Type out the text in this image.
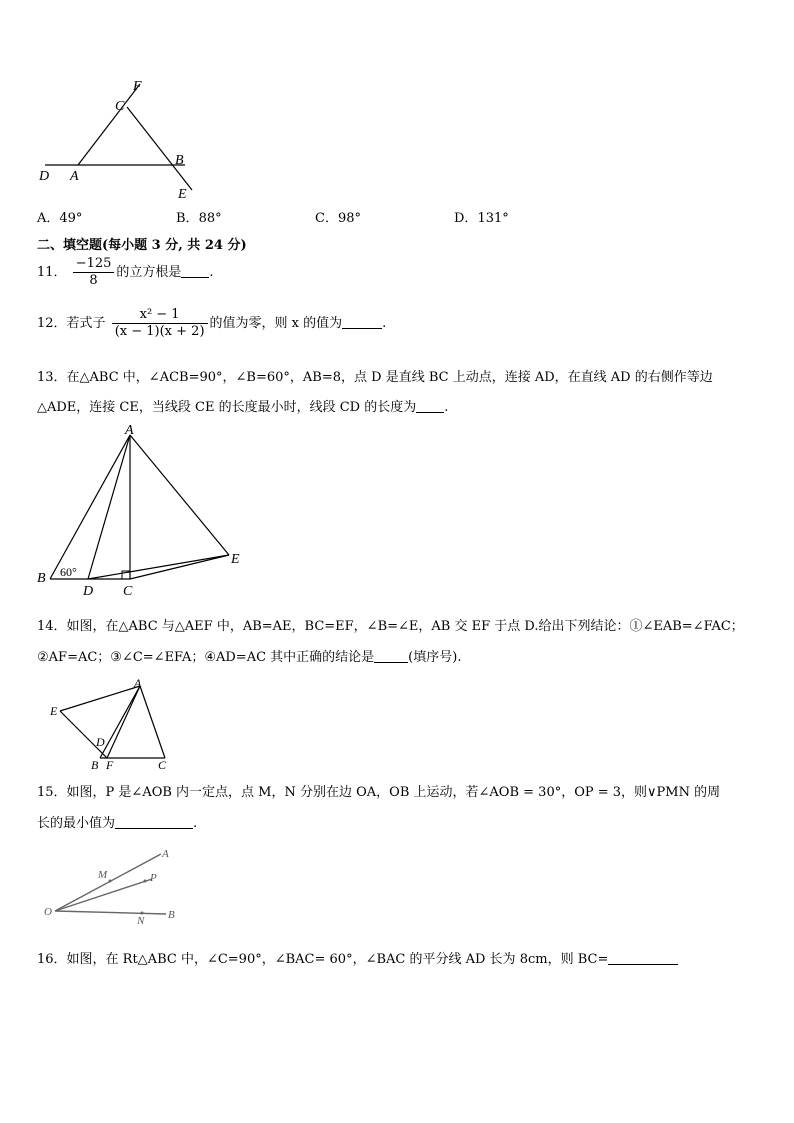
F
C
B
D A
E
A．49°	B．88°	C．98°	D．131°
二、填空题(每小题 3 分, 共 24 分)
11． $\frac{-125}{8}$ 的立方根是 .
12．若式子 $\frac{\text{x² − 1}}{(x - 1)(x + 2)}$ 的值为零，则 x 的值为	.
13．在△ABC 中，∠ACB=90°，∠B=60°，AB=8，点 D 是直线 BC 上动点，连接 AD，在直线 AD 的右侧作等边
△ADE，连接 CE，当线段 CE 的长度最小时，线段 CD 的长度为 .
A
B
D C
E
60°
14．如图，在△ABC 与△AEF 中，AB=AE，BC=EF，∠B=∠E，AB 交 EF 于点 D.给出下列结论：①∠EAB=∠FAC；
②AF=AC；③∠C=∠EFA；④AD=AC 其中正确的结论是	(填序号).
A
E
D
B F	C
15．如图，P 是∠AOB 内一定点，点 M，N 分别在边 OA，OB 上运动，若∠AOB = 30°，OP = 3，则∨PMN 的周
长的最小值为	.
A
M	P
O
N B
16．如图，在 Rt△ABC 中，∠C=90°，∠BAC= 60°，∠BAC 的平分线 AD 长为 8cm，则 BC=
